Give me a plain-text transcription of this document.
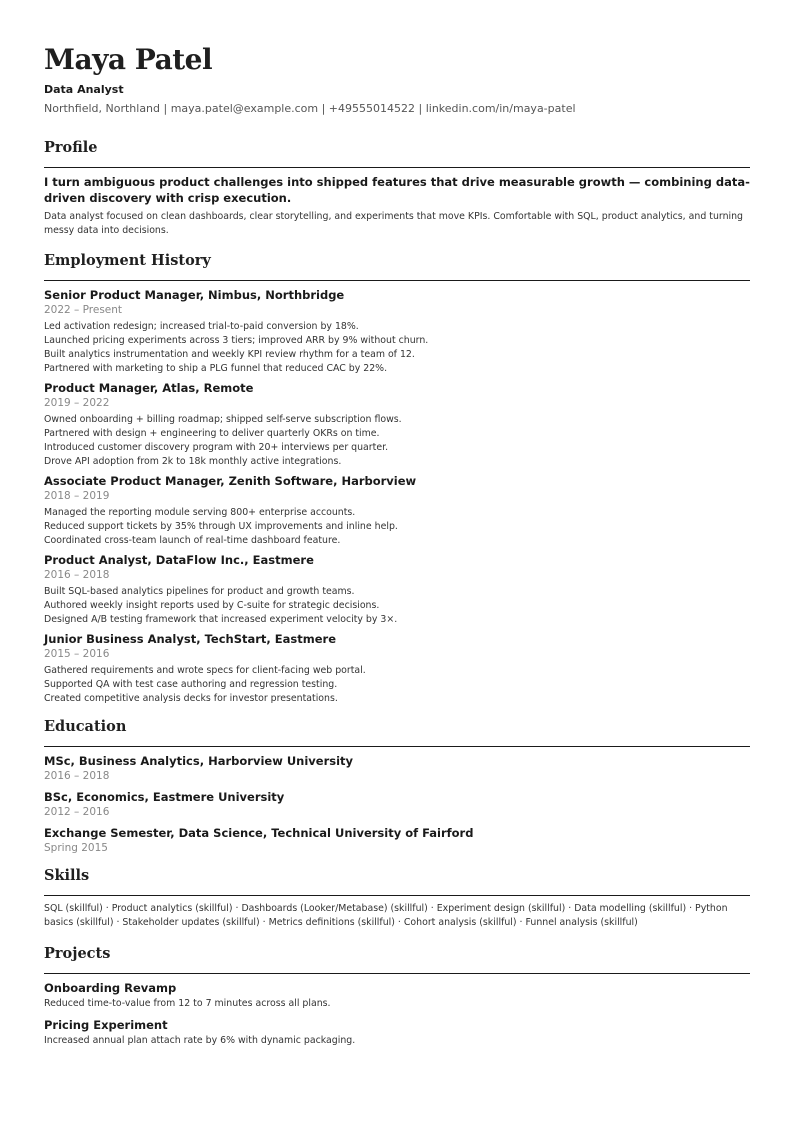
Maya Patel
Data Analyst
Northfield, Northland | maya.patel@example.com | +49555014522 | linkedin.com/in/maya-patel
Profile
I turn ambiguous product challenges into shipped features that drive measurable growth — combining data-driven discovery with crisp execution.
Data analyst focused on clean dashboards, clear storytelling, and experiments that move KPIs. Comfortable with SQL, product analytics, and turning messy data into decisions.
Employment History
Senior Product Manager, Nimbus, Northbridge
2022 – Present
Led activation redesign; increased trial-to-paid conversion by 18%.
Launched pricing experiments across 3 tiers; improved ARR by 9% without churn.
Built analytics instrumentation and weekly KPI review rhythm for a team of 12.
Partnered with marketing to ship a PLG funnel that reduced CAC by 22%.
Product Manager, Atlas, Remote
2019 – 2022
Owned onboarding + billing roadmap; shipped self-serve subscription flows.
Partnered with design + engineering to deliver quarterly OKRs on time.
Introduced customer discovery program with 20+ interviews per quarter.
Drove API adoption from 2k to 18k monthly active integrations.
Associate Product Manager, Zenith Software, Harborview
2018 – 2019
Managed the reporting module serving 800+ enterprise accounts.
Reduced support tickets by 35% through UX improvements and inline help.
Coordinated cross-team launch of real-time dashboard feature.
Product Analyst, DataFlow Inc., Eastmere
2016 – 2018
Built SQL-based analytics pipelines for product and growth teams.
Authored weekly insight reports used by C-suite for strategic decisions.
Designed A/B testing framework that increased experiment velocity by 3×.
Junior Business Analyst, TechStart, Eastmere
2015 – 2016
Gathered requirements and wrote specs for client-facing web portal.
Supported QA with test case authoring and regression testing.
Created competitive analysis decks for investor presentations.
Education
MSc, Business Analytics, Harborview University
2016 – 2018
BSc, Economics, Eastmere University
2012 – 2016
Exchange Semester, Data Science, Technical University of Fairford
Spring 2015
Skills
SQL (skillful) · Product analytics (skillful) · Dashboards (Looker/Metabase) (skillful) · Experiment design (skillful) · Data modelling (skillful) · Python basics (skillful) · Stakeholder updates (skillful) · Metrics definitions (skillful) · Cohort analysis (skillful) · Funnel analysis (skillful)
Projects
Onboarding Revamp
Reduced time-to-value from 12 to 7 minutes across all plans.
Pricing Experiment
Increased annual plan attach rate by 6% with dynamic packaging.
